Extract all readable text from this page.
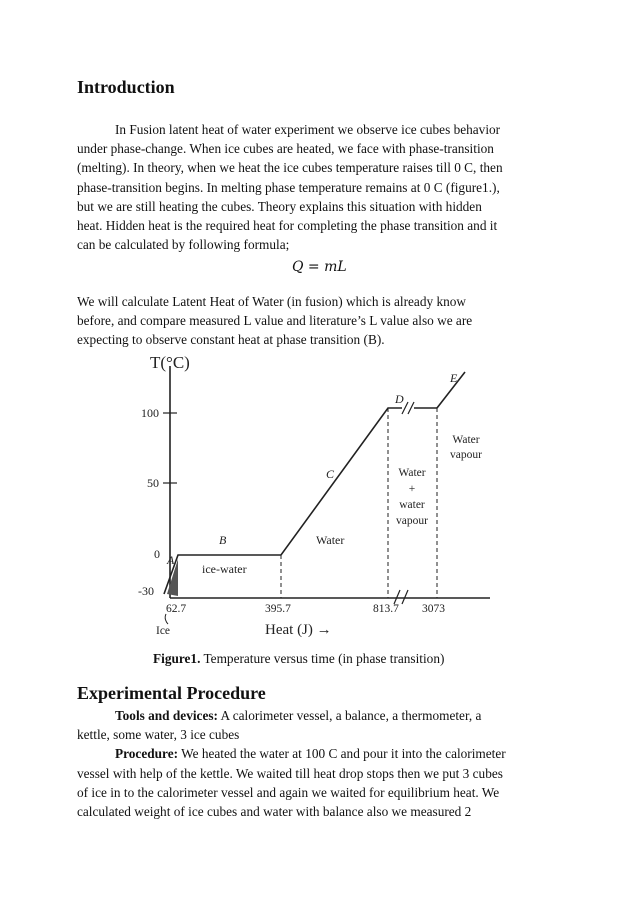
Introduction
In Fusion latent heat of water experiment we observe ice cubes behavior
under phase-change. When ice cubes are heated, we face with phase-transition
(melting). In theory, when we heat the ice cubes temperature raises till 0 C, then
phase-transition begins. In melting phase temperature remains at 0 C (figure1.),
but we are still heating the cubes. Theory explains this situation with hidden
heat. Hidden heat is the required heat for completing the phase transition and it
can be calculated by following formula;
Q = mL
We will calculate Latent Heat of Water (in fusion) which is already know
before, and compare measured L value and literature’s L value also we are
expecting to observe constant heat at phase transition (B).
T(°C)
Heat (J) →
100
50
0
-30
A
B
C
D
E
ice-water
Water
Water
+
water
vapour
Water
vapour
62.7	395.7	813.7 3073
Ice
Figure1. Temperature versus time (in phase transition)
Experimental Procedure
Tools and devices: A calorimeter vessel, a balance, a thermometer, a
kettle, some water, 3 ice cubes
Procedure: We heated the water at 100 C and pour it into the calorimeter
vessel with help of the kettle. We waited till heat drop stops then we put 3 cubes
of ice in to the calorimeter vessel and again we waited for equilibrium heat. We
calculated weight of ice cubes and water with balance also we measured 2
